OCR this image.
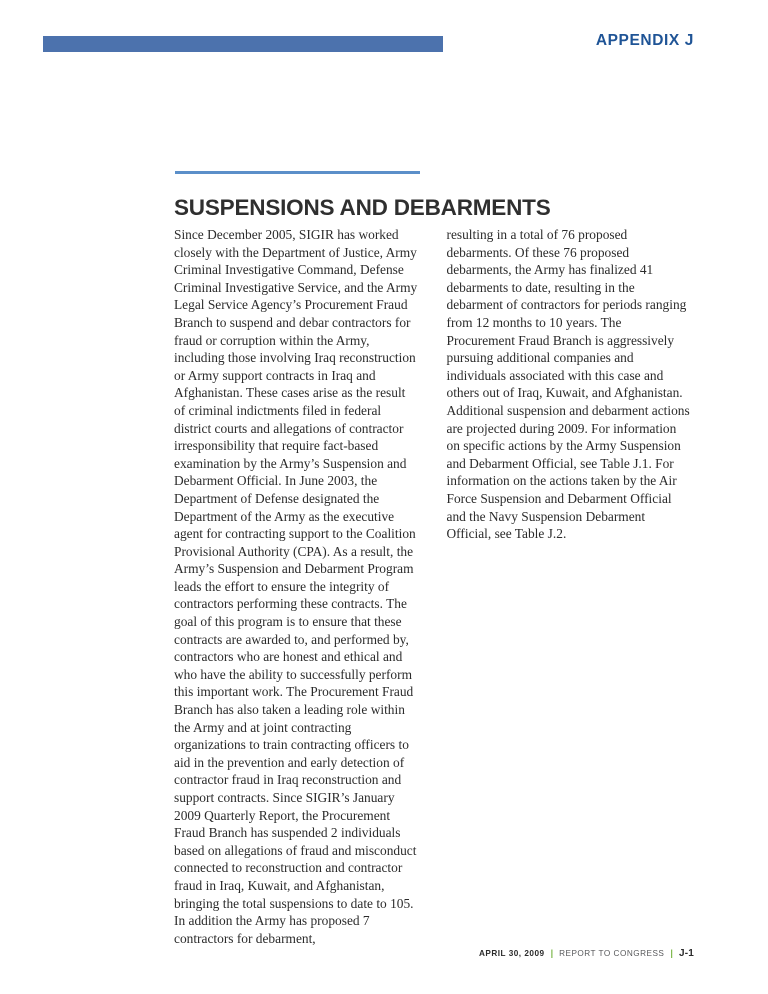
APPENDIX J
SUSPENSIONS AND DEBARMENTS

Since December 2005, SIGIR has worked closely with the Department of Justice, Army Criminal Investigative Command, Defense Criminal Investigative Service, and the Army Legal Service Agency’s Procurement Fraud Branch to suspend and debar contractors for fraud or corruption within the Army, including those involving Iraq reconstruction or Army support contracts in Iraq and Afghanistan. These cases arise as the result of criminal indictments filed in federal district courts and allegations of contractor irresponsibility that require fact-based examination by the Army’s Suspension and Debarment Official. In June 2003, the Department of Defense designated the Department of the Army as the executive agent for contracting support to the Coalition Provisional Authority (CPA). As a result, the Army’s Suspension and Debarment Program leads the effort to ensure the integrity of contractors performing these contracts. The goal of this program is to ensure that these contracts are awarded to, and performed by, contractors who are honest and ethical and who have the ability to successfully perform this important work. The Procurement Fraud Branch has also taken a leading role within the Army and at joint contracting organizations to train contracting officers to aid in the prevention and early detection of contractor fraud in Iraq reconstruction and support contracts. Since SIGIR’s January 2009 Quarterly Report, the Procurement Fraud Branch has suspended 2 individuals based on allegations of fraud and misconduct connected to reconstruction and contractor fraud in Iraq, Kuwait, and Afghanistan, bringing the total suspensions to date to 105. In addition the Army has proposed 7 contractors for debarment,

resulting in a total of 76 proposed debarments. Of these 76 proposed debarments, the Army has finalized 41 debarments to date, resulting in the debarment of contractors for periods ranging from 12 months to 10 years. The Procurement Fraud Branch is aggressively pursuing additional companies and individuals associated with this case and others out of Iraq, Kuwait, and Afghanistan. Additional suspension and debarment actions are projected during 2009. For information on specific actions by the Army Suspension and Debarment Official, see Table J.1. For information on the actions taken by the Air Force Suspension and Debarment Official and the Navy Suspension Debarment Official, see Table J.2.

APRIL 30, 2009 | REPORT TO CONGRESS | J-1
